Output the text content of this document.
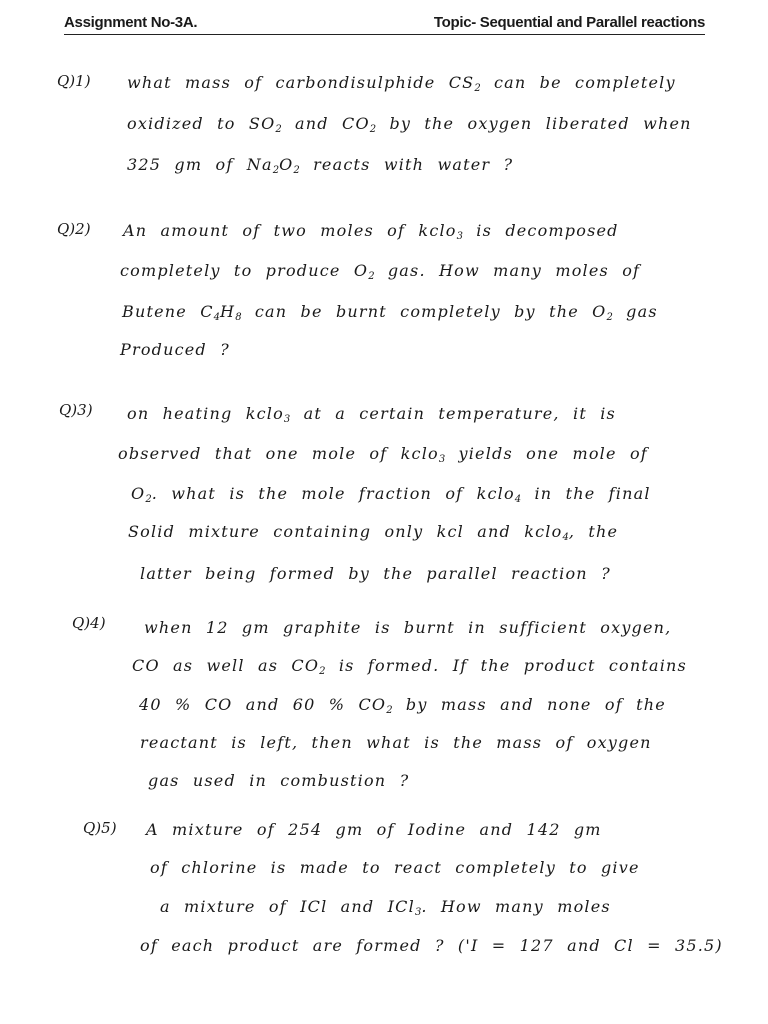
Assignment No-3A.	Topic- Sequential and Parallel reactions
Q)1) what mass of carbondisulphide $CS_2$ can be completely
oxidized to $SO_2$ and $CO_2$ by the oxygen liberated when
325 gm of $Na_2O_2$ reacts with water ?
Q)2) An amount of two moles of kclo$_3$ is decomposed
completely to produce $O_2$ gas. How many moles of
Butene $C_4H_8$ can be burnt completely by the $O_2$ gas
Produced ?
Q)3) on heating kclo$_3$ at a certain temperature, it is
observed that one mole of kclo$_3$ yields one mole of
$O_2$. what is the mole fraction of kclo$_4$ in the final
Solid mixture containing only kcl and kclo$_4$, the
latter being formed by the parallel reaction ?
Q)4) when 12 gm graphite is burnt in sufficient oxygen,
CO as well as $CO_2$ is formed. If the product contains
40 % CO and 60 % $CO_2$ by mass and none of the
reactant is left, then what is the mass of oxygen
gas used in combustion ?
Q)5) A mixture of 254 gm of Iodine and 142 gm
of chlorine is made to react completely to give
a mixture of ICl and ICl$_3$. How many moles
of each product are formed ? ('I = 127 and Cl = 35.5)
